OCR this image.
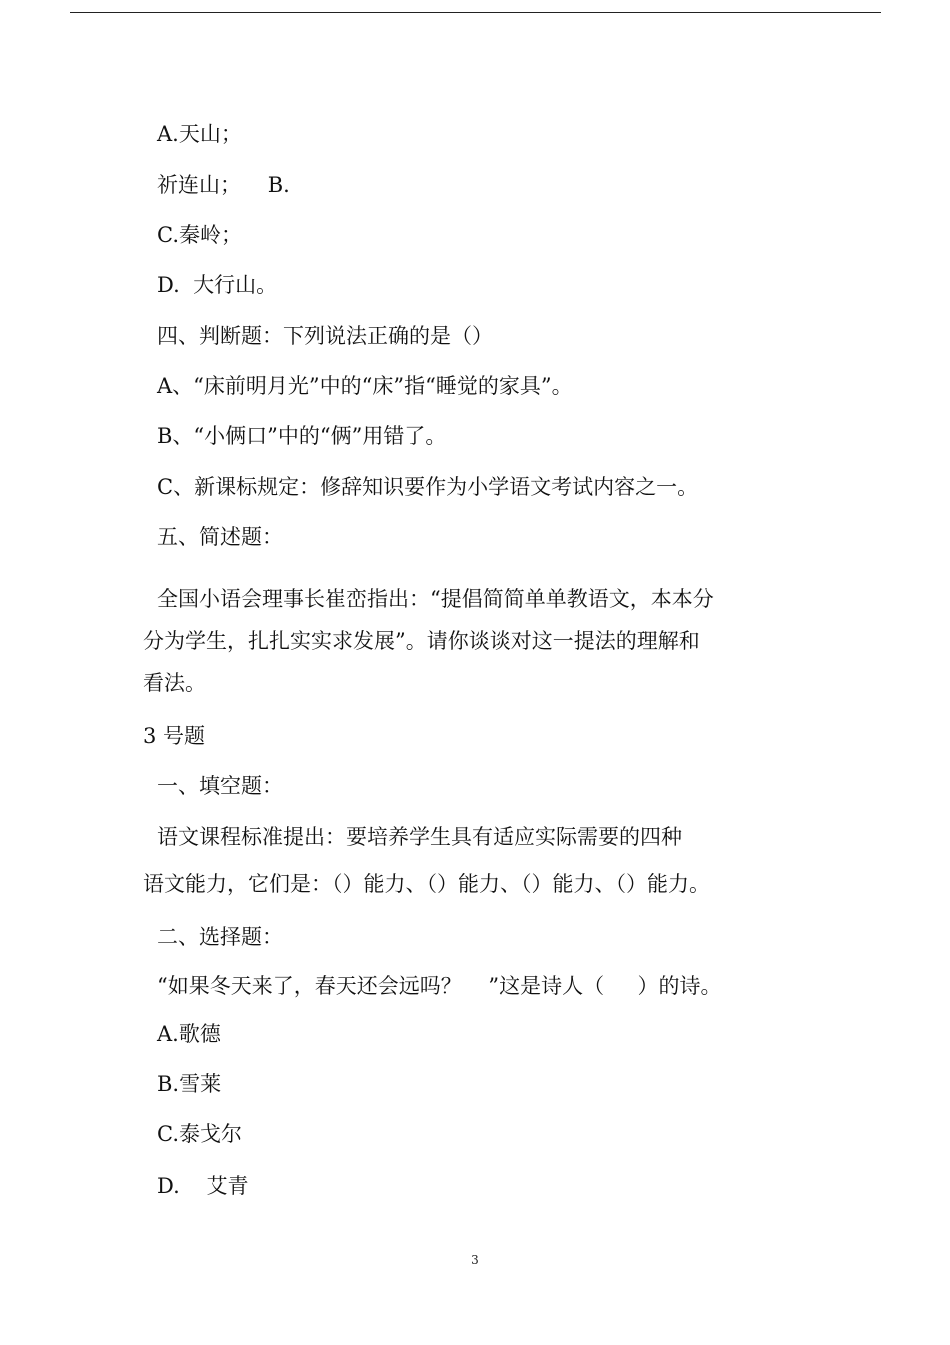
A.天山；
祈连山；    B.
C.秦岭；
D.  大行山。
四、判断题：下列说法正确的是（）
A、“床前明月光”中的“床”指“睡觉的家具”。
B、“小俩口”中的“俩”用错了。
C、新课标规定：修辞知识要作为小学语文考试内容之一。
五、简述题：
全国小语会理事长崔峦指出：“提倡简简单单教语文，本本分
分为学生，扎扎实实求发展”。请你谈谈对这一提法的理解和
看法。
3 号题
一、填空题：
语文课程标准提出：要培养学生具有适应实际需要的四种
语文能力，它们是：（）能力、（）能力、（）能力、（）能力。
二、选择题：
“如果冬天来了，春天还会远吗？    ”这是诗人（     ）的诗。
A.歌德
B.雪莱
C.泰戈尔
D.    艾青
3
